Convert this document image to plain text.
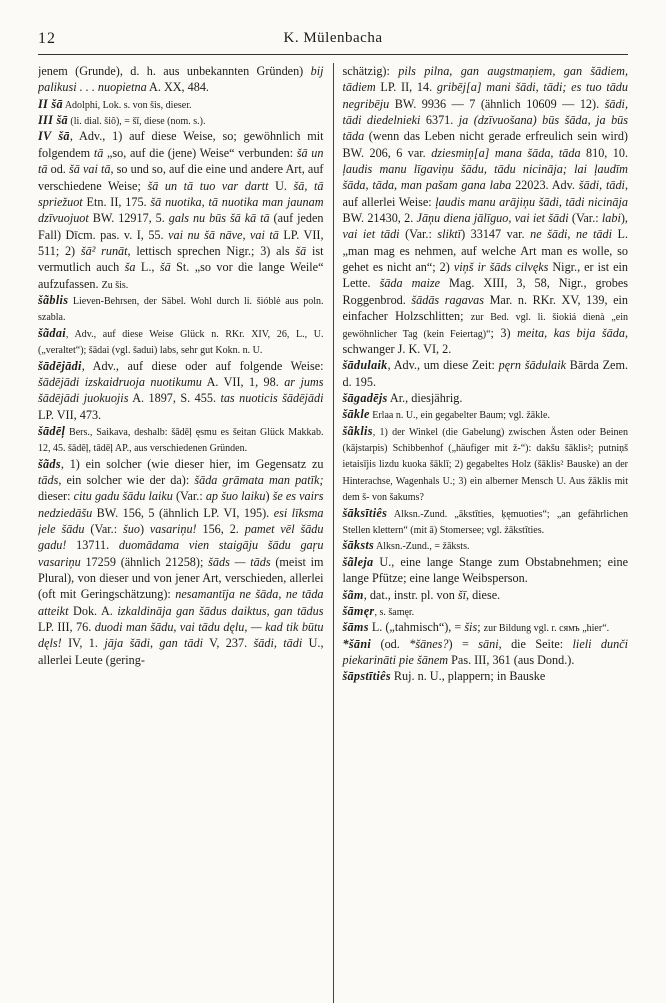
12	K. Mülenbacha

jenem (Grunde), d. h. aus unbekannten Gründen) bij palikusi . . . nuopietna A. XX, 484.

II šā Adolphi, Lok. s. von šis, dieser.

III šā (li. dial. šiô), = šī, diese (nom. s.).

IV šā, Adv., 1) auf diese Weise, so; gewöhnlich mit folgendem tā „so, auf die (jene) Weise“ verbunden: šā un tā od. šā vai tā, so und so, auf die eine und andere Art, auf verschiedene Weise; šā un tā tuo var dartt U. šā, tā spriežuot Etn. II, 175. šā nuotika, tā nuotika man jaunam dzīvuojuot BW. 12917, 5. gals nu būs šā kā tā (auf jeden Fall) Dīcm. pas. v. I, 55. vai nu šā nāve, vai tā LP. VII, 511; 2) šā² runāt, lettisch sprechen Nigr.; 3) als šā ist vermutlich auch ša L., šā St. „so vor die lange Weile“ aufzufassen. Zu šis.

šãblis Lieven-Behrsen, der Säbel. Wohl durch li. šióblė aus poln. szabla.

šãdai, Adv., auf diese Weise Glück n. RKr. XIV, 26, L., U. („veraltet“); šādai (vgl. šadui) labs, sehr gut Kokn. n. U.

šādējādi, Adv., auf diese oder auf folgende Weise: šādējādi izskaidruoja nuotikumu A. VII, 1, 98. ar jums šādējādi juokuojis A. 1897, S. 455. tas nuoticis šādējādi LP. VII, 473.

šādēļ Bers., Saikava, deshalb: šādēļ ęsmu es šeitan Glück Makkab. 12, 45. šādēļ, tādēļ AP., aus verschiedenen Gründen.

šãds, 1) ein solcher (wie dieser hier, im Gegensatz zu tāds, ein solcher wie der da): šāda grāmata man patīk; dieser: citu gadu šādu laiku (Var.: ap šuo laiku) še es vairs nedziedāšu BW. 156, 5 (ähnlich LP. VI, 195). esi līksma jele šādu (Var.: šuo) vasariņu! 156, 2. pamet vēl šādu gadu! 13711. duomādama vien staigāju šādu gaŗu vasariņu 17259 (ähnlich 21258); šāds — tāds (meist im Plural), von dieser und von jener Art, verschieden, allerlei (oft mit Geringschätzung): nesamantīja ne šāda, ne tāda atteikt Dok. A. izkaldināja gan šādus daiktus, gan tādus LP. III, 76. duodi man šādu, vai tādu dęlu, — kad tik būtu dęls! IV, 1. jāja šādi, gan tādi V, 237. šādi, tādi U., allerlei Leute (gering-

schätzig): pils pilna, gan augstmaņiem, gan šādiem, tādiem LP. II, 14. gribēj[a] mani šādi, tādi; es tuo tādu negribēju BW. 9936 — 7 (ähnlich 10609 — 12). šādi, tādi diedelnieki 6371. ja (dzīvuošana) būs šāda, ja būs tāda (wenn das Leben nicht gerade erfreulich sein wird) BW. 206, 6 var. dziesmiņ[a] mana šāda, tāda 810, 10. ļaudis manu līgaviņu šādu, tādu nicināja; lai ļaudīm šāda, tāda, man pašam gana laba 22023. Adv. šādi, tādi, auf allerlei Weise: ļaudis manu arājiņu šādi, tādi nicināja BW. 21430, 2. Jāņu diena jālīguo, vai iet šādi (Var.: labi), vai iet tādi (Var.: sliktī) 33147 var. ne šādi, ne tādi L. „man mag es nehmen, auf welche Art man es wolle, so gehet es nicht an“; 2) viņš ir šāds cilvęks Nigr., er ist ein Lette. šāda maize Mag. XIII, 3, 58, Nigr., grobes Roggenbrod. šādās ragavas Mar. n. RKr. XV, 139, ein einfacher Holzschlitten; zur Bed. vgl. li. šiokiá dienà „ein gewöhnlicher Tag (kein Feiertag)“; 3) meita, kas bija šāda, schwanger J. K. VI, 2.

šādulaik, Adv., um diese Zeit: pęrn šādulaik Bārda Zem. d. 195.

šāgadējs Ar., diesjährig.

šākle Erlaa n. U., ein gegabelter Baum; vgl. žākle.

šãklis, 1) der Winkel (die Gabelung) zwischen Ästen oder Beinen (kājstarpis) Schibbenhof („häufiger mit ž-“): dakšu šāklis²; putniņš ietaisījis lizdu kuoka šāklī; 2) gegabeltes Holz (šāklis² Bauske) an der Hinterachse, Wagenhals U.; 3) ein alberner Mensch U. Aus žāklis mit dem š- von šakums?

šāksītiês Alksn.-Zund. „ākstīties, ķęmuoties“; „an gefährlichen Stellen klettern“ (mit ā) Stomersee; vgl. žākstīties.

šāksts Alksn.-Zund., = žāksts.

šãleja U., eine lange Stange zum Obstabnehmen; eine lange Pfütze; eine lange Weibsperson.

šãm, dat., instr. pl. von šī, diese.

šāmęr, s. šamęr.

šāms L. („tahmisch“), = šis; zur Bildung vgl. r. сямъ „hier“.

*šāni (od. *šānes?) = sāni, die Seite: lieli dunči piekarināti pie šānem Pas. III, 361 (aus Dond.).

šāpstītiês Ruj. n. U., plappern; in Bauske
